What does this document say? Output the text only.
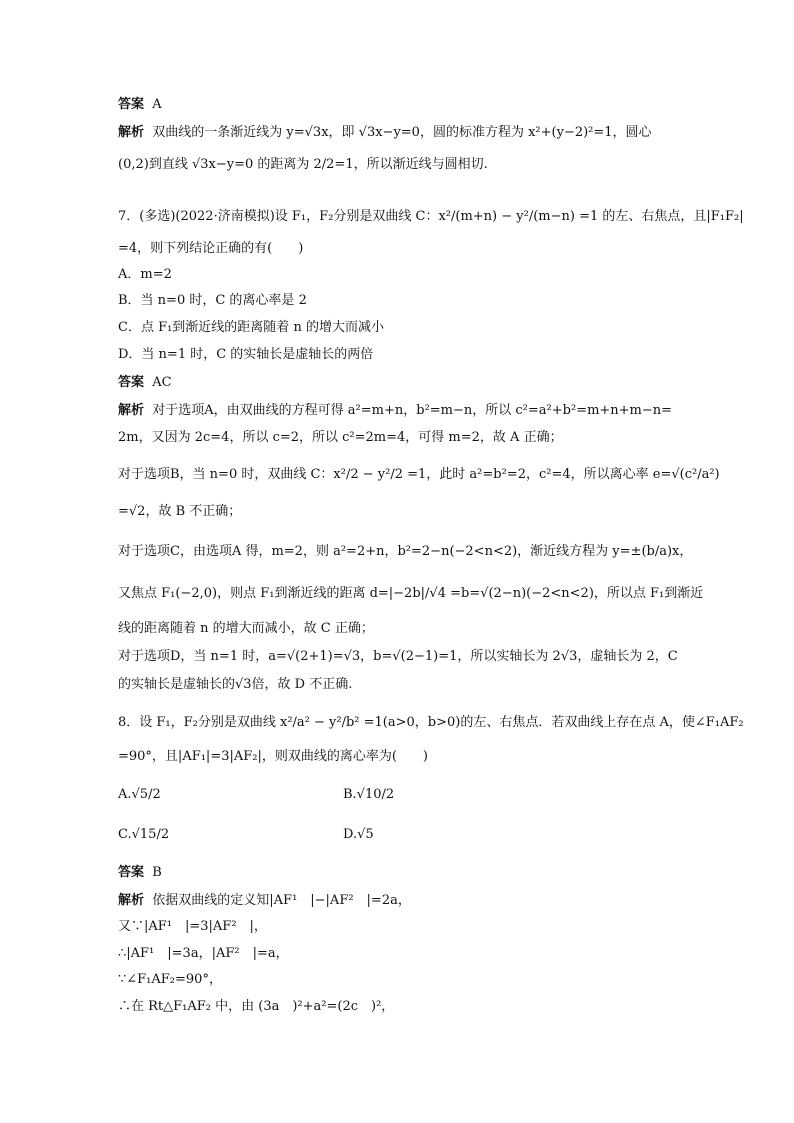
答案 A
解析 双曲线的一条渐近线为 y=√3x，即 √3x−y=0，圆的标准方程为 x²+(y−2)²=1，圆心
(0,2)到直线 √3x−y=0 的距离为 2/2=1，所以渐近线与圆相切.
7．(多选)(2022·济南模拟)设 F₁，F₂分别是双曲线 C：x²/(m+n) − y²/(m−n) =1 的左、右焦点，且|F₁F₂|
=4，则下列结论正确的有(　　)
A．m=2
B．当 n=0 时，C 的离心率是 2
C．点 F₁到渐近线的距离随着 n 的增大而减小
D．当 n=1 时，C 的实轴长是虚轴长的两倍
答案 AC
解析 对于选项A，由双曲线的方程可得 a²=m+n，b²=m−n，所以 c²=a²+b²=m+n+m−n=
2m，又因为 2c=4，所以 c=2，所以 c²=2m=4，可得 m=2，故 A 正确；
对于选项B，当 n=0 时，双曲线 C：x²/2 − y²/2 =1，此时 a²=b²=2，c²=4，所以离心率 e=√(c²/a²)
=√2，故 B 不正确；
对于选项C，由选项A 得，m=2，则 a²=2+n，b²=2−n(−2<n<2)，渐近线方程为 y=±(b/a)x，
又焦点 F₁(−2,0)，则点 F₁到渐近线的距离 d=|−2b|/√4 =b=√(2−n)(−2<n<2)，所以点 F₁到渐近
线的距离随着 n 的增大而减小，故 C 正确；
对于选项D，当 n=1 时，a=√(2+1)=√3，b=√(2−1)=1，所以实轴长为 2√3，虚轴长为 2，C
的实轴长是虚轴长的√3倍，故 D 不正确.
8．设 F₁，F₂分别是双曲线 x²/a² − y²/b² =1(a>0，b>0)的左、右焦点．若双曲线上存在点 A，使∠F₁AF₂
=90°，且|AF₁|=3|AF₂|，则双曲线的离心率为(　　)
A.√5/2	B.√10/2
C.√15/2	D.√5
答案 B
解析 依据双曲线的定义知|AF¹　|−|AF²　|=2a，
又∵|AF¹　|=3|AF²　|，
∴|AF¹　|=3a，|AF²　|=a，
∵∠F₁AF₂=90°，
∴在 Rt△F₁AF₂ 中，由 (3a　)²+a²=(2c　)²，
